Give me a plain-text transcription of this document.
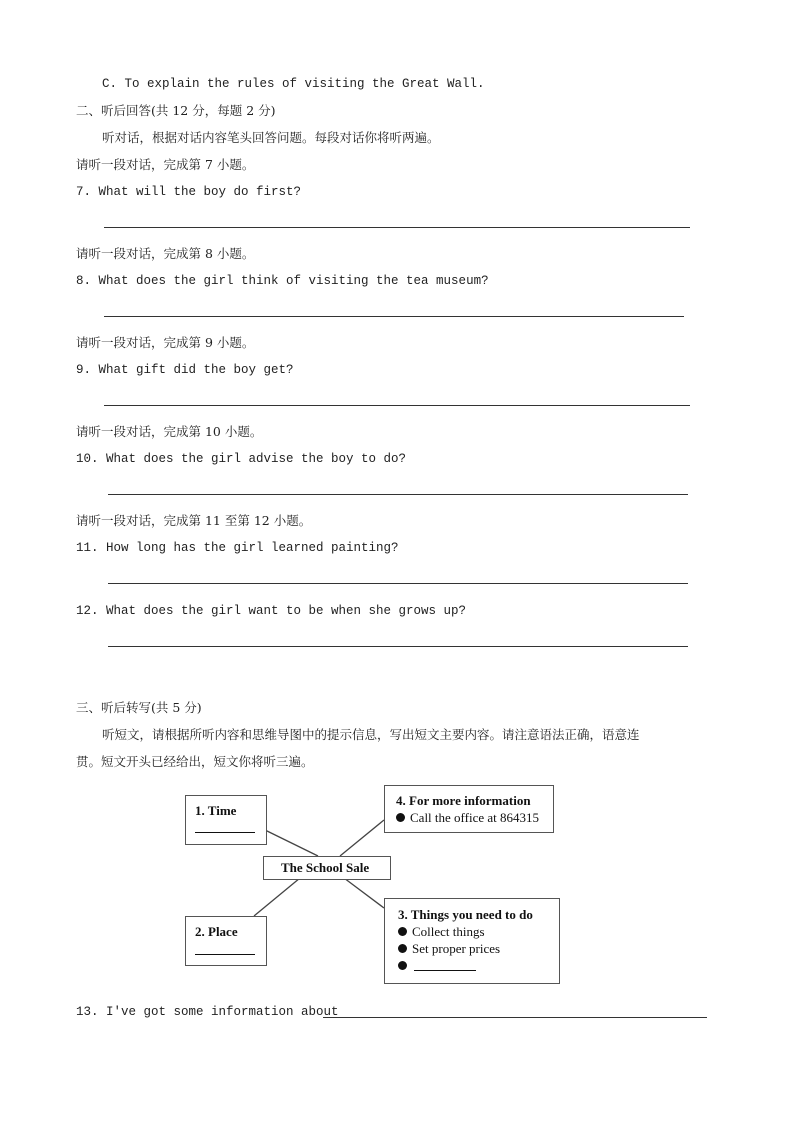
C. To explain the rules of visiting the Great Wall.
二、听后回答(共 12 分，每题 2 分)
听对话，根据对话内容笔头回答问题。每段对话你将听两遍。
请听一段对话，完成第 7 小题。
7. What will the boy do first?
请听一段对话，完成第 8 小题。
8. What does the girl think of visiting the tea museum?
请听一段对话，完成第 9 小题。
9. What gift did the boy get?
请听一段对话，完成第 10 小题。
10. What does the girl advise the boy to do?
请听一段对话，完成第 11 至第 12 小题。
11. How long has the girl learned painting?
12. What does the girl want to be when she grows up?
三、听后转写(共 5 分)
听短文，请根据所听内容和思维导图中的提示信息，写出短文主要内容。请注意语法正确，语意连
贯。短文开头已经给出，短文你将听三遍。
1. Time
4. For more information
Call the office at 864315
The School Sale
2. Place
3. Things you need to do
Collect things
Set proper prices
13. I've got some information about
